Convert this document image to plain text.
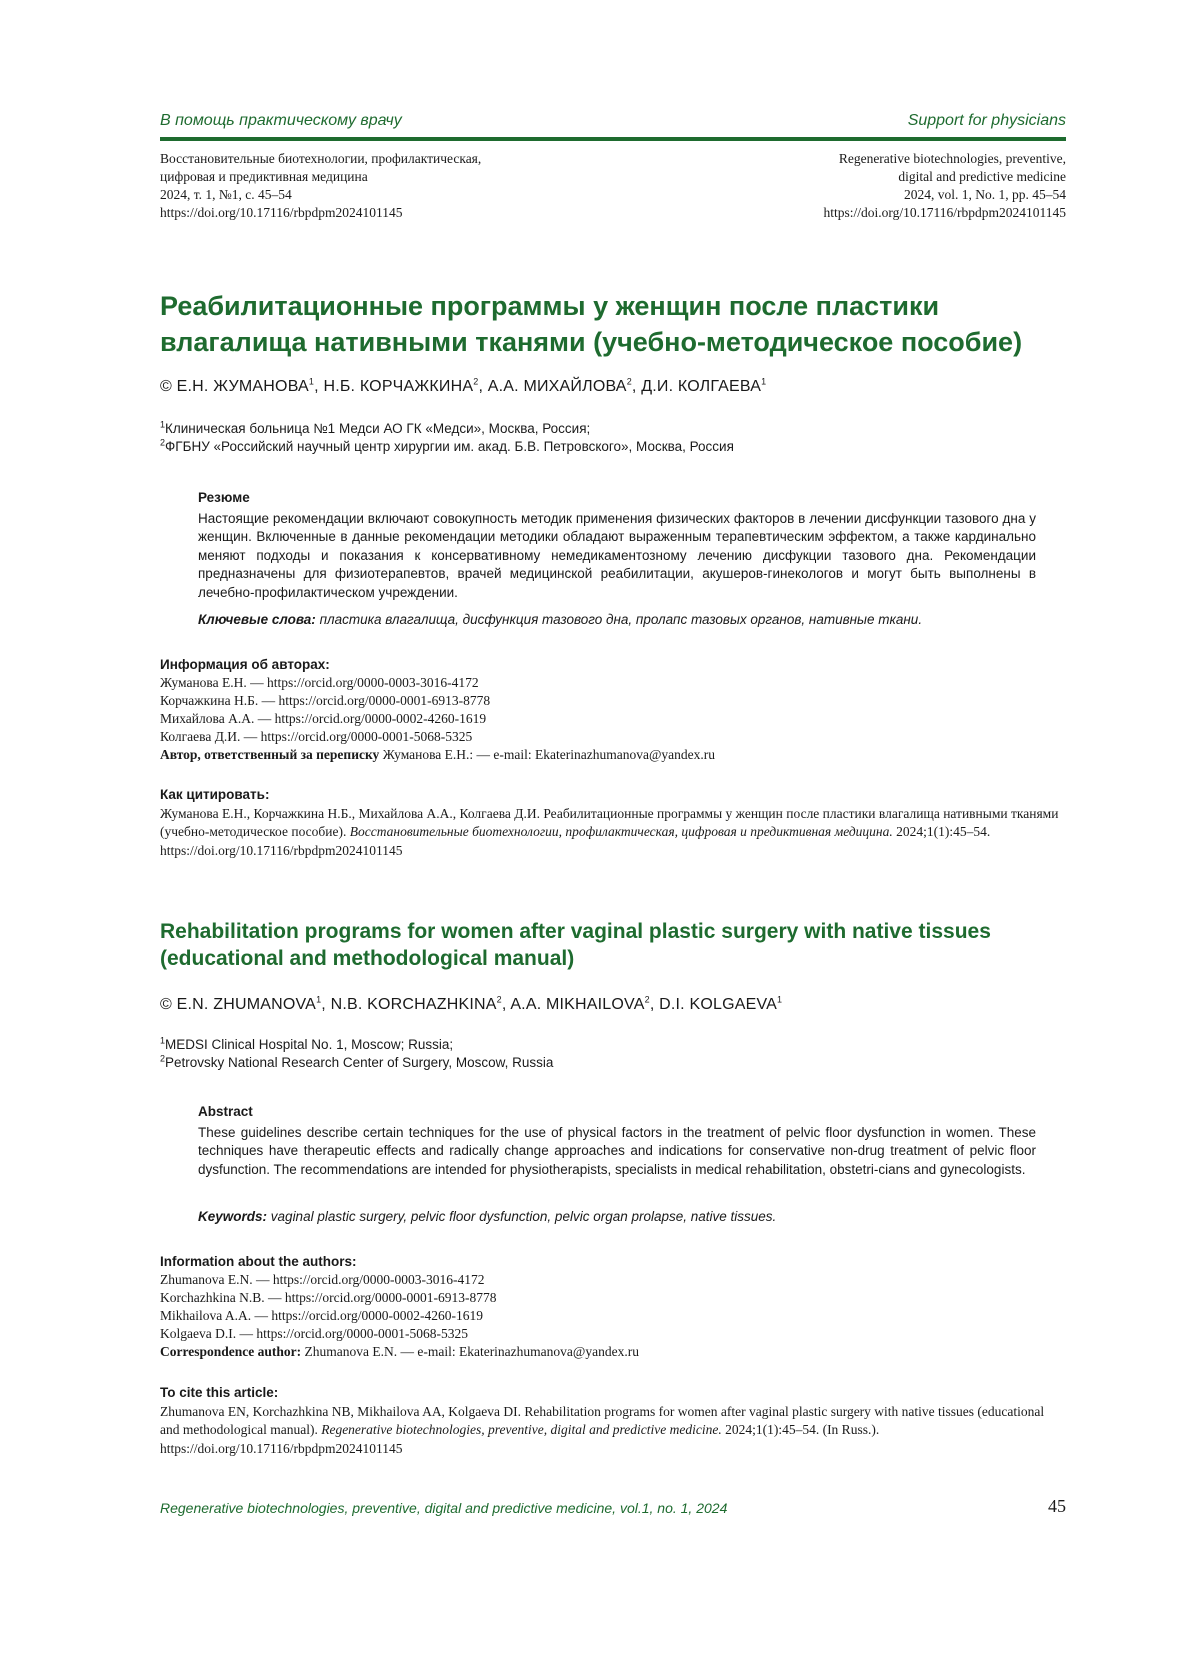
В помощь практическому врачу	Support for physicians
Восстановительные биотехнологии, профилактическая,
цифровая и предиктивная медицина
2024, т. 1, №1, с. 45–54
https://doi.org/10.17116/rbpdpm2024101145
Regenerative biotechnologies, preventive,
digital and predictive medicine
2024, vol. 1, No. 1, pp. 45–54
https://doi.org/10.17116/rbpdpm2024101145
Реабилитационные программы у женщин после пластики
влагалища нативными тканями (учебно-методическое пособие)
© Е.Н. ЖУМАНОВА$^1$, Н.Б. КОРЧАЖКИНА$^2$, А.А. МИХАЙЛОВА$^2$, Д.И. КОЛГАЕВА$^1$
$^1$Клиническая больница №1 Медси АО ГК «Медси», Москва, Россия;
$^2$ФГБНУ «Российский научный центр хирургии им. акад. Б.В. Петровского», Москва, Россия
Резюме
Настоящие рекомендации включают совокупность методик применения физических факторов в лечении дисфункции тазового дна у женщин. Включенные в данные рекомендации методики обладают выраженным терапевтическим эффектом, а также кардинально меняют подходы и показания к консервативному немедикаментозному лечению дисфукции тазового дна. Рекомендации предназначены для физиотерапевтов, врачей медицинской реабилитации, акушеров-гинекологов и могут быть выполнены в лечебно-профилактическом учреждении.
Ключевые слова: пластика влагалища, дисфункция тазового дна, пролапс тазовых органов, нативные ткани.
Информация об авторах:
Жуманова Е.Н. — https://orcid.org/0000-0003-3016-4172
Корчажкина Н.Б. — https://orcid.org/0000-0001-6913-8778
Михайлова А.А. — https://orcid.org/0000-0002-4260-1619
Колгаева Д.И. — https://orcid.org/0000-0001-5068-5325
Автор, ответственный за переписку Жуманова Е.Н.: — e-mail: Ekaterinazhumanova@yandex.ru
Как цитировать:
Жуманова Е.Н., Корчажкина Н.Б., Михайлова А.А., Колгаева Д.И. Реабилитационные программы у женщин после пластики влагалища нативными тканями (учебно-методическое пособие). Восстановительные биотехнологии, профилактическая, цифровая и предиктивная медицина. 2024;1(1):45–54. https://doi.org/10.17116/rbpdpm2024101145
Rehabilitation programs for women after vaginal plastic surgery with native tissues
(educational and methodological manual)
© E.N. ZHUMANOVA$^1$, N.B. KORCHAZHKINA$^2$, A.A. MIKHAILOVA$^2$, D.I. KOLGAEVA$^1$
$^1$MEDSI Clinical Hospital No. 1, Moscow; Russia;
$^2$Petrovsky National Research Center of Surgery, Moscow, Russia
Abstract
These guidelines describe certain techniques for the use of physical factors in the treatment of pelvic floor dysfunction in women. These techniques have therapeutic effects and radically change approaches and indications for conservative non-drug treatment of pelvic floor dysfunction. The recommendations are intended for physiotherapists, specialists in medical rehabilitation, obstetri-cians and gynecologists.
Keywords: vaginal plastic surgery, pelvic floor dysfunction, pelvic organ prolapse, native tissues.
Information about the authors:
Zhumanova E.N. — https://orcid.org/0000-0003-3016-4172
Korchazhkina N.B. — https://orcid.org/0000-0001-6913-8778
Mikhailova A.A. — https://orcid.org/0000-0002-4260-1619
Kolgaeva D.I. — https://orcid.org/0000-0001-5068-5325
Correspondence author: Zhumanova E.N. — e-mail: Ekaterinazhumanova@yandex.ru
To cite this article:
Zhumanova EN, Korchazhkina NB, Mikhailova AA, Kolgaeva DI. Rehabilitation programs for women after vaginal plastic surgery with native tissues (educational and methodological manual). Regenerative biotechnologies, preventive, digital and predictive medicine. 2024;1(1):45–54. (In Russ.). https://doi.org/10.17116/rbpdpm2024101145
Regenerative biotechnologies, preventive, digital and predictive medicine, vol.1, no. 1, 2024	45
